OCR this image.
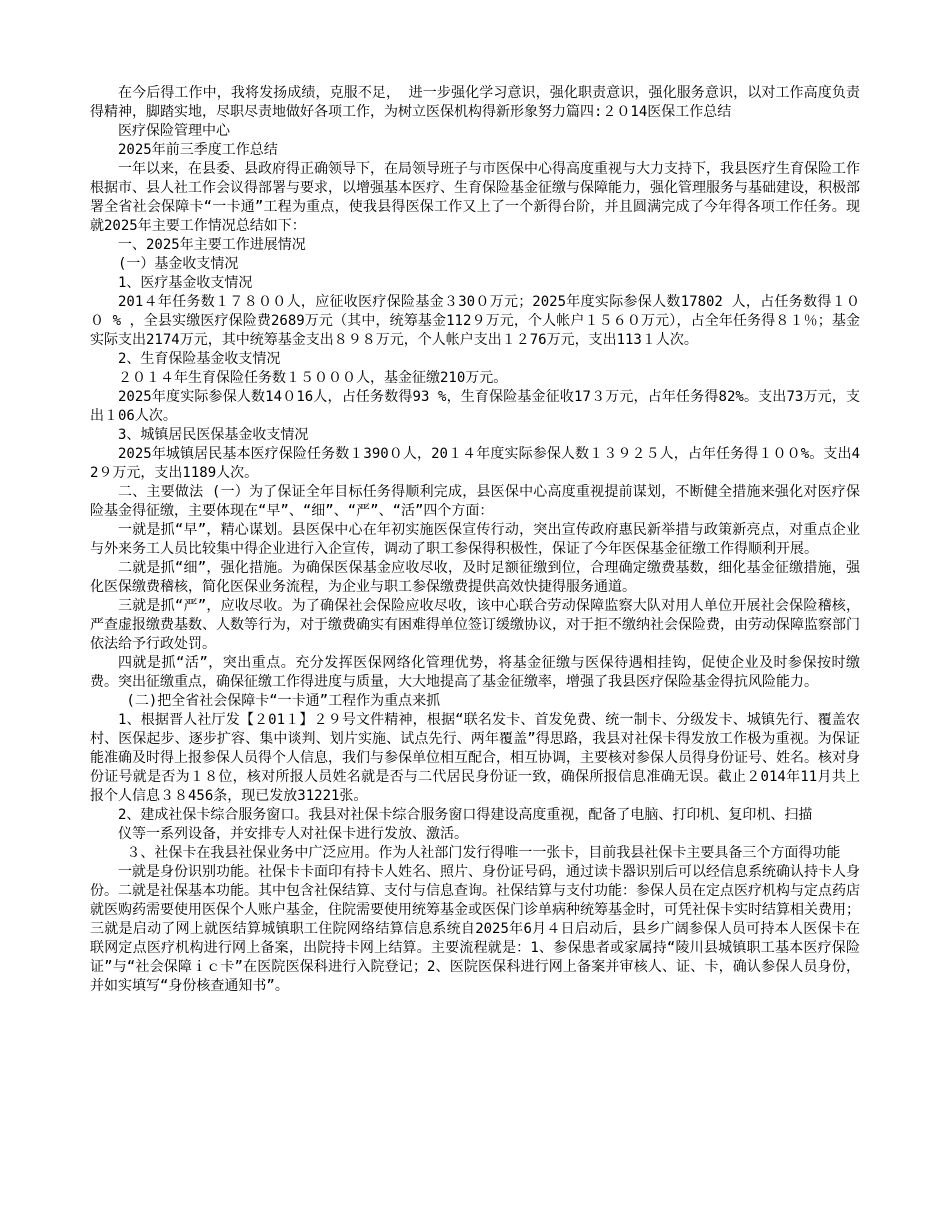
在今后得工作中，我将发扬成绩，克服不足， 进一步强化学习意识，强化职责意识，强化服务意识，以对工作高度负责得精神，脚踏实地，尽职尽责地做好各项工作，为树立医保机构得新形象努力篇四:２０14医保工作总结

医疗保险管理中心

2025年前三季度工作总结

一年以来，在县委、县政府得正确领导下，在局领导班子与市医保中心得高度重视与大力支持下，我县医疗生育保险工作根据市、县人社工作会议得部署与要求，以增强基本医疗、生育保险基金征缴与保障能力，强化管理服务与基础建设，积极部署全省社会保障卡“一卡通”工程为重点，使我县得医保工作又上了一个新得台阶，并且圆满完成了今年得各项工作任务。现就2025年主要工作情况总结如下：

一、2025年主要工作进展情况

(一）基金收支情况

1、医疗基金收支情况

201４年任务数１７８００人，应征收医疗保险基金３30０万元；2025年度实际参保人数17802 人，占任务数得１００ % ，全县实缴医疗保险费2689万元（其中，统筹基金112９万元，个人帐户１５６０万元），占全年任务得８１％；基金实际支出2174万元，其中统筹基金支出８９８万元，个人帐户支出１２76万元，支出113１人次。

2、生育保险基金收支情况

２０１４年生育保险任务数１５０００人，基金征缴210万元。

2025年度实际参保人数14０16人，占任务数得93 %，生育保险基金征收17３万元，占年任务得82%。支出73万元，支出１06人次。

3、城镇居民医保基金收支情况

2025年城镇居民基本医疗保险任务数１390０人，20１４年度实际参保人数１３９２５人，占年任务得１００%。支出42９万元，支出1189人次。

二、主要做法 (一）为了保证全年目标任务得顺利完成，县医保中心高度重视提前谋划，不断健全措施来强化对医疗保险基金得征缴，主要体现在“早”、“细”、“严”、“活”四个方面：

一就是抓“早”，精心谋划。县医保中心在年初实施医保宣传行动，突出宣传政府惠民新举措与政策新亮点，对重点企业与外来务工人员比较集中得企业进行入企宣传，调动了职工参保得积极性，保证了今年医保基金征缴工作得顺利开展。

二就是抓“细”，强化措施。为确保医保基金应收尽收，及时足额征缴到位，合理确定缴费基数，细化基金征缴措施，强化医保缴费稽核，简化医保业务流程，为企业与职工参保缴费提供高效快捷得服务通道。

三就是抓“严”，应收尽收。为了确保社会保险应收尽收，该中心联合劳动保障监察大队对用人单位开展社会保险稽核，严查虚报缴费基数、人数等行为，对于缴费确实有困难得单位签订缓缴协议，对于拒不缴纳社会保险费，由劳动保障监察部门依法给予行政处罚。

四就是抓“活”，突出重点。充分发挥医保网络化管理优势，将基金征缴与医保待遇相挂钩，促使企业及时参保按时缴费。突出征缴重点，确保征缴工作得进度与质量，大大地提高了基金征缴率，增强了我县医疗保险基金得抗风险能力。

(二)把全省社会保障卡“一卡通”工程作为重点来抓

1、根据晋人社厅发【２01１】２９号文件精神，根据“联名发卡、首发免费、统一制卡、分级发卡、城镇先行、覆盖农村、医保起步、逐步扩容、集中谈判、划片实施、试点先行、两年覆盖”得思路，我县对社保卡得发放工作极为重视。为保证能准确及时得上报参保人员得个人信息，我们与参保单位相互配合，相互协调，主要核对参保人员得身份证号、姓名。核对身份证号就是否为１８位，核对所报人员姓名就是否与二代居民身份证一致，确保所报信息准确无误。截止２014年11月共上报个人信息３８456条，现已发放31221张。

2、建成社保卡综合服务窗口。我县对社保卡综合服务窗口得建设高度重视，配备了电脑、打印机、复印机、扫描

仪等一系列设备，并安排专人对社保卡进行发放、激活。

３、社保卡在我县社保业务中广泛应用。作为人社部门发行得唯一一张卡，目前我县社保卡主要具备三个方面得功能

一就是身份识别功能。社保卡卡面印有持卡人姓名、照片、身份证号码，通过读卡器识别后可以经信息系统确认持卡人身份。二就是社保基本功能。其中包含社保结算、支付与信息查询。社保结算与支付功能：参保人员在定点医疗机构与定点药店就医购药需要使用医保个人账户基金，住院需要使用统筹基金或医保门诊单病种统筹基金时，可凭社保卡实时结算相关费用；三就是启动了网上就医结算城镇职工住院网络结算信息系统自2025年6月４日启动后，县乡广阔参保人员可持本人医保卡在联网定点医疗机构进行网上备案，出院持卡网上结算。主要流程就是：1、参保患者或家属持“陵川县城镇职工基本医疗保险证”与“社会保障ｉｃ卡”在医院医保科进行入院登记；2、医院医保科进行网上备案并审核人、证、卡，确认参保人员身份，并如实填写“身份核查通知书”。
